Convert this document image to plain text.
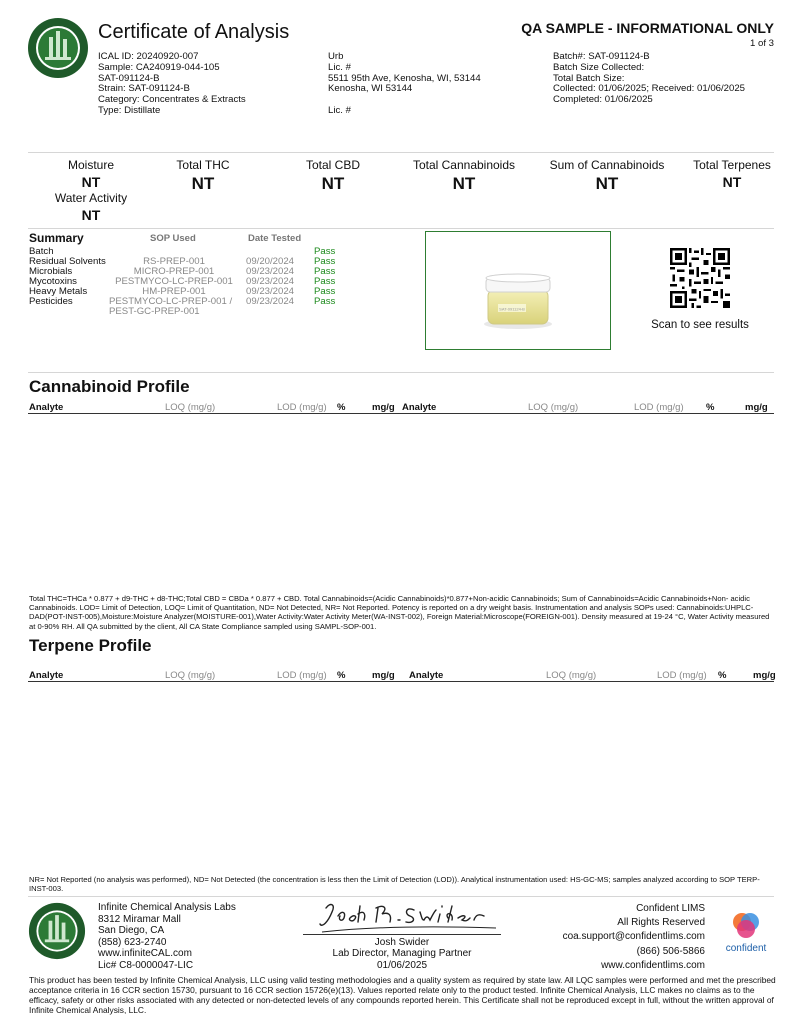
Certificate of Analysis	QA SAMPLE - INFORMATIONAL ONLY
1 of 3
ICAL ID: 20240920-007
Sample: CA240919-044-105
SAT-091124-B
Strain: SAT-091124-B
Category: Concentrates & Extracts
Type: Distillate
Urb
Lic. #
5511 95th Ave, Kenosha, WI, 53144
Kenosha, WI 53144
Lic. #
Batch#: SAT-091124-B
Batch Size Collected:
Total Batch Size:
Collected: 01/06/2025; Received: 01/06/2025
Completed: 01/06/2025
Moisture
NT
Water Activity
NT
Total THC
NT
Total CBD
NT
Total Cannabinoids
NT
Sum of Cannabinoids
NT
Total Terpenes
NT
Summary	SOP Used	Date Tested
Batch	Pass
Residual Solvents	RS-PREP-001	09/20/2024 Pass
Microbials	MICRO-PREP-001	09/23/2024 Pass
Mycotoxins	PESTMYCO-LC-PREP-001	09/23/2024 Pass
Heavy Metals	HM-PREP-001	09/23/2024 Pass
Pesticides	PESTMYCO-LC-PREP-001 /	09/23/2024 Pass
PEST-GC-PREP-001	SAT-091124-B
Scan to see results
Cannabinoid Profile
Analyte	LOQ (mg/g)	LOD (mg/g) %	mg/g Analyte	LOQ (mg/g)	LOD (mg/g) %	mg/g
Total THC=THCa * 0.877 + d9-THC + d8-THC;Total CBD = CBDa * 0.877 + CBD. Total Cannabinoids=(Acidic Cannabinoids)*0.877+Non-acidic Cannabinoids; Sum of Cannabinoids=Acidic Cannabinoids+Non- acidic Cannabinoids. LOD= Limit of Detection, LOQ= Limit of Quantitation, ND= Not Detected, NR= Not Reported. Potency is reported on a dry weight basis. Instrumentation and analysis SOPs used: Cannabinoids:UHPLC-DAD(POT-INST-005),Moisture:Moisture Analyzer(MOISTURE-001),Water Activity:Water Activity Meter(WA-INST-002), Foreign Material:Microscope(FOREIGN-001). Density measured at 19-24 °C, Water Activity measured at 0-90% RH. All QA submitted by the client, All CA State Compliance sampled using SAMPL-SOP-001.
Terpene Profile
Analyte	LOQ (mg/g)	LOD (mg/g) %	mg/g Analyte	LOQ (mg/g)	LOD (mg/g) %	mg/g
NR= Not Reported (no analysis was performed), ND= Not Detected (the concentration is less then the Limit of Detection (LOD)). Analytical instrumentation used: HS-GC-MS; samples analyzed according to SOP TERP-INST-003.
Infinite Chemical Analysis Labs
8312 Miramar Mall
San Diego, CA
(858) 623-2740
www.infiniteCAL.com
Lic# C8-0000047-LIC
Josh Swider
Lab Director, Managing Partner
01/06/2025
Confident LIMS
All Rights Reserved
coa.support@confidentlims.com
(866) 506-5866
www.confidentlims.com
confident
This product has been tested by Infinite Chemical Analysis, LLC using valid testing methodologies and a quality system as required by state law. All LQC samples were performed and met the prescribed acceptance criteria in 16 CCR section 15730, pursuant to 16 CCR section 15726(e)(13). Values reported relate only to the product tested. Infinite Chemical Analysis, LLC makes no claims as to the efficacy, safety or other risks associated with any detected or non-detected levels of any compounds reported herein. This Certificate shall not be reproduced except in full, without the written approval of Infinite Chemical Analysis, LLC.
